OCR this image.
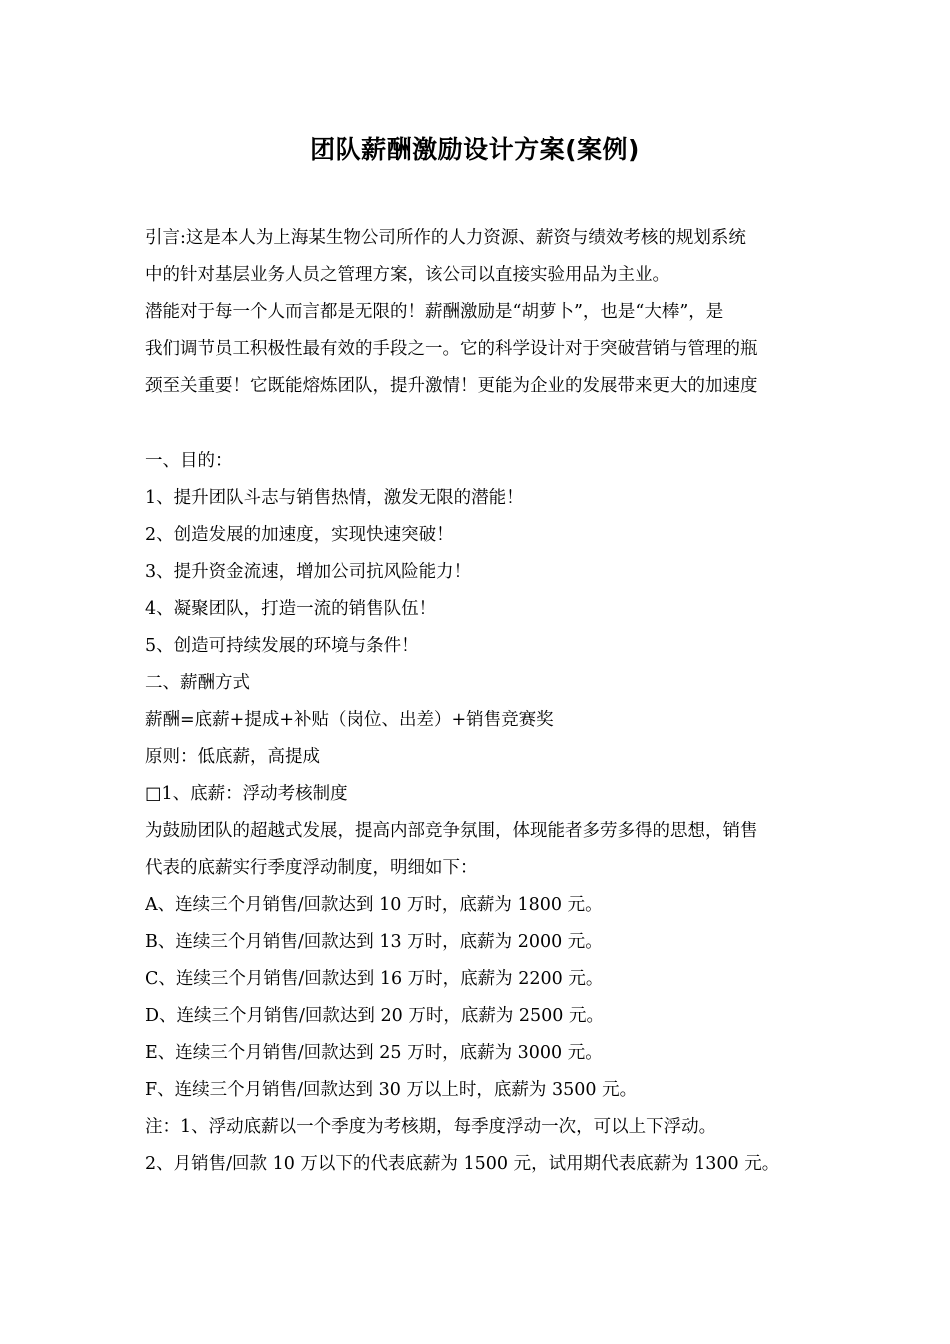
团队薪酬激励设计方案(案例)
引言:这是本人为上海某生物公司所作的人力资源、薪资与绩效考核的规划系统
中的针对基层业务人员之管理方案，该公司以直接实验用品为主业。
潜能对于每一个人而言都是无限的！薪酬激励是“胡萝卜”，也是“大棒”，是
我们调节员工积极性最有效的手段之一。它的科学设计对于突破营销与管理的瓶
颈至关重要！它既能熔炼团队，提升激情！更能为企业的发展带来更大的加速度
一、目的：
1、提升团队斗志与销售热情，激发无限的潜能！
2、创造发展的加速度，实现快速突破！
3、提升资金流速，增加公司抗风险能力！
4、凝聚团队，打造一流的销售队伍！
5、创造可持续发展的环境与条件！
二、薪酬方式
薪酬=底薪+提成+补贴（岗位、出差）+销售竞赛奖
原则：低底薪，高提成
□1、底薪：浮动考核制度
为鼓励团队的超越式发展，提高内部竞争氛围，体现能者多劳多得的思想，销售
代表的底薪实行季度浮动制度，明细如下：
A、连续三个月销售/回款达到 10 万时，底薪为 1800 元。
B、连续三个月销售/回款达到 13 万时，底薪为 2000 元。
C、连续三个月销售/回款达到 16 万时，底薪为 2200 元。
D、连续三个月销售/回款达到 20 万时，底薪为 2500 元。
E、连续三个月销售/回款达到 25 万时，底薪为 3000 元。
F、连续三个月销售/回款达到 30 万以上时，底薪为 3500 元。
注：1、浮动底薪以一个季度为考核期，每季度浮动一次，可以上下浮动。
2、月销售/回款 10 万以下的代表底薪为 1500 元，试用期代表底薪为 1300 元。
